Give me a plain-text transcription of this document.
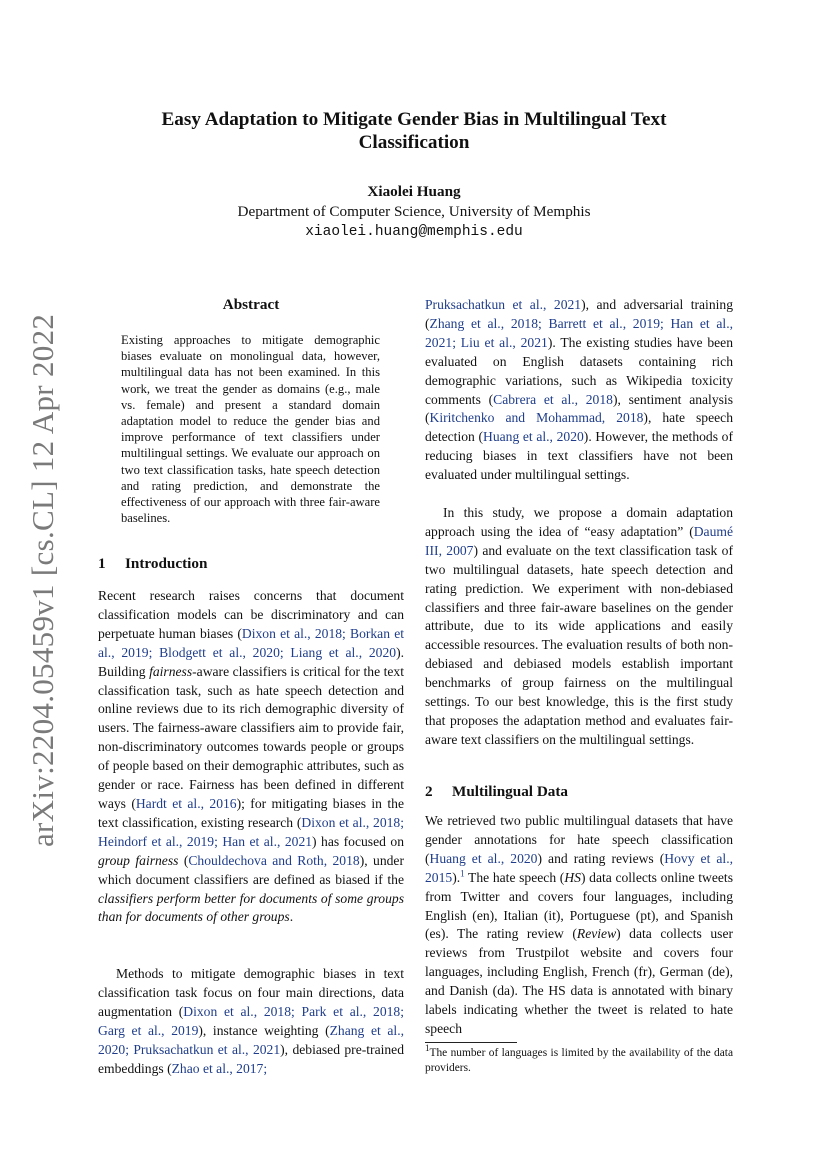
arXiv:2204.05459v1 [cs.CL] 12 Apr 2022
Easy Adaptation to Mitigate Gender Bias in Multilingual Text Classification
Xiaolei Huang
Department of Computer Science, University of Memphis
xiaolei.huang@memphis.edu
Abstract

Existing approaches to mitigate demographic biases evaluate on monolingual data, however, multilingual data has not been examined. In this work, we treat the gender as domains (e.g., male vs. female) and present a standard domain adaptation model to reduce the gender bias and improve performance of text classifiers under multilingual settings. We evaluate our approach on two text classification tasks, hate speech detection and rating prediction, and demonstrate the effectiveness of our approach with three fair-aware baselines.

1 Introduction

Recent research raises concerns that document classification models can be discriminatory and can perpetuate human biases (Dixon et al., 2018; Borkan et al., 2019; Blodgett et al., 2020; Liang et al., 2020). Building fairness-aware classifiers is critical for the text classification task, such as hate speech detection and online reviews due to its rich demographic diversity of users. The fairness-aware classifiers aim to provide fair, non-discriminatory outcomes towards people or groups of people based on their demographic attributes, such as gender or race. Fairness has been defined in different ways (Hardt et al., 2016); for mitigating biases in the text classification, existing research (Dixon et al., 2018; Heindorf et al., 2019; Han et al., 2021) has focused on group fairness (Chouldechova and Roth, 2018), under which document classifiers are defined as biased if the classifiers perform better for documents of some groups than for documents of other groups.

Methods to mitigate demographic biases in text classification task focus on four main directions, data augmentation (Dixon et al., 2018; Park et al., 2018; Garg et al., 2019), instance weighting (Zhang et al., 2020; Pruksachatkun et al., 2021), debiased pre-trained embeddings (Zhao et al., 2017;

Pruksachatkun et al., 2021), and adversarial training (Zhang et al., 2018; Barrett et al., 2019; Han et al., 2021; Liu et al., 2021). The existing studies have been evaluated on English datasets containing rich demographic variations, such as Wikipedia toxicity comments (Cabrera et al., 2018), sentiment analysis (Kiritchenko and Mohammad, 2018), hate speech detection (Huang et al., 2020). However, the methods of reducing biases in text classifiers have not been evaluated under multilingual settings.

In this study, we propose a domain adaptation approach using the idea of “easy adaptation” (Daumé III, 2007) and evaluate on the text classification task of two multilingual datasets, hate speech detection and rating prediction. We experiment with non-debiased classifiers and three fair-aware baselines on the gender attribute, due to its wide applications and easily accessible resources. The evaluation results of both non-debiased and debiased models establish important benchmarks of group fairness on the multilingual settings. To our best knowledge, this is the first study that proposes the adaptation method and evaluates fair-aware text classifiers on the multilingual settings.

2 Multilingual Data

We retrieved two public multilingual datasets that have gender annotations for hate speech classification (Huang et al., 2020) and rating reviews (Hovy et al., 2015).$^1$ The hate speech (HS) data collects online tweets from Twitter and covers four languages, including English (en), Italian (it), Portuguese (pt), and Spanish (es). The rating review (Review) data collects user reviews from Trustpilot website and covers four languages, including English, French (fr), German (de), and Danish (da). The HS data is annotated with binary labels indicating whether the tweet is related to hate speech

$^1$The number of languages is limited by the availability of the data providers.
